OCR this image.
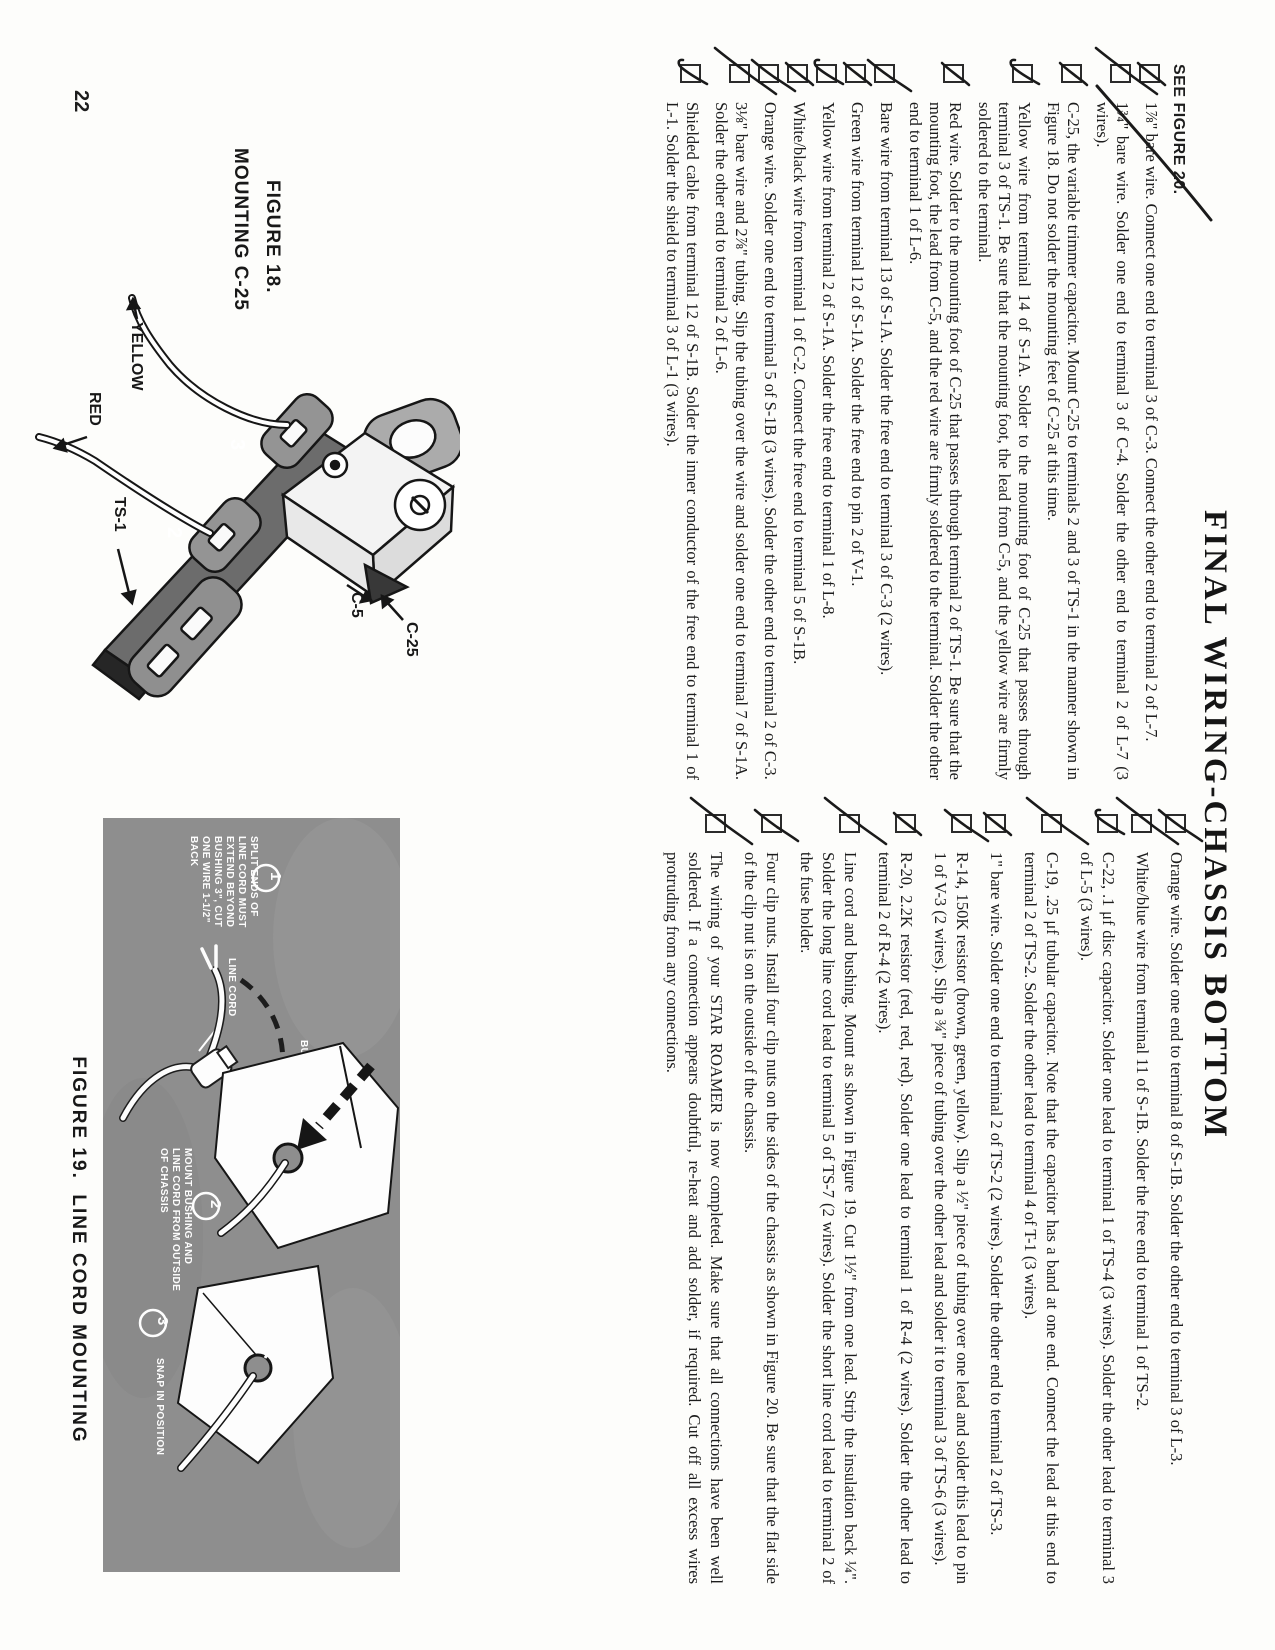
FINAL WIRING-CHASSIS BOTTOM

SEE FIGURE 20.

1⅞" bare wire. Connect one end to terminal 3 of C-3. Connect the other end to terminal 2 of L-7.
1¾" bare wire. Solder one end to terminal 3 of C-4. Solder the other end to terminal 2 of L-7 (3 wires).
C-25, the variable trimmer capacitor. Mount C-25 to terminals 2 and 3 of TS-1 in the manner shown in Figure 18. Do not solder the mounting feet of C-25 at this time.
Yellow wire from terminal 14 of S-1A. Solder to the mounting foot of C-25 that passes through terminal 3 of TS-1. Be sure that the mounting foot, the lead from C-5, and the yellow wire are firmly soldered to the terminal.
Red wire. Solder to the mounting foot of C-25 that passes through terminal 2 of TS-1. Be sure that the mounting foot, the lead from C-5, and the red wire are firmly soldered to the terminal. Solder the other end to terminal 1 of L-6.
Bare wire from terminal 13 of S-1A. Solder the free end to terminal 3 of C-3 (2 wires).
Green wire from terminal 12 of S-1A. Solder the free end to pin 2 of V-1.
Yellow wire from terminal 2 of S-1A. Solder the free end to terminal 1 of L-8.
White/black wire from terminal 1 of C-2. Connect the free end to terminal 5 of S-1B.
Orange wire. Solder one end to terminal 5 of S-1B (3 wires). Solder the other end to terminal 2 of C-3.
3⅛" bare wire and 2⅞" tubing. Slip the tubing over the wire and solder one end to terminal 7 of S-1A. Solder the other end to terminal 2 of L-6.
Shielded cable from terminal 12 of S-1B. Solder the inner conductor of the free end to terminal 1 of L-1. Solder the shield to terminal 3 of L-1 (3 wires).
Orange wire. Solder one end to terminal 8 of S-1B. Solder the other end to terminal 3 of L-3.
White/blue wire from terminal 11 of S-1B. Solder the free end to terminal 1 of TS-2.
C-22, .1 μf disc capacitor. Solder one lead to terminal 1 of TS-4 (3 wires). Solder the other lead to terminal 3 of L-5 (3 wires).
C-19, .25 μf tubular capacitor. Note that the capacitor has a band at one end. Connect the lead at this end to terminal 2 of TS-2. Solder the other lead to terminal 4 of T-1 (3 wires).
1" bare wire. Solder one end to terminal 2 of TS-2 (2 wires). Solder the other end to terminal 2 of TS-3.
R-14, 150K resistor (brown, green, yellow). Slip a ½" piece of tubing over one lead and solder this lead to pin 1 of V-3 (2 wires). Slip a ¾" piece of tubing over the other lead and solder it to terminal 3 of TS-6 (3 wires).
R-20, 2.2K resistor (red, red, red). Solder one lead to terminal 1 of R-4 (2 wires). Solder the other lead to terminal 2 of R-4 (2 wires).
Line cord and bushing. Mount as shown in Figure 19. Cut 1½" from one lead. Strip the insulation back ¼". Solder the long line cord lead to terminal 5 of TS-7 (2 wires). Solder the short line cord lead to terminal 2 of the fuse holder.
Four clip nuts. Install four clip nuts on the sides of the chassis as shown in Figure 20. Be sure that the flat side of the clip nut is on the outside of the chassis.
The wiring of your STAR ROAMER is now completed. Make sure that all connections have been well soldered. If a connection appears doubtful, re-heat and add solder, if required. Cut off all excess wires protruding from any connections.
2
3
YELLOW
RED
TS-1
C-5
C-25
FIGURE 18.
MOUNTING C-25
SPLIT ENDS OF
LINE CORD MUST
EXTEND BEYOND
BUSHING 3", CUT
ONE WIRE 1-1/2"
BACK
1
LINE CORD
2
MOUNT BUSHING AND
LINE CORD FROM OUTSIDE
OF CHASSIS
3
SNAP IN POSITION
FIGURE 19.  LINE CORD MOUNTING
22
